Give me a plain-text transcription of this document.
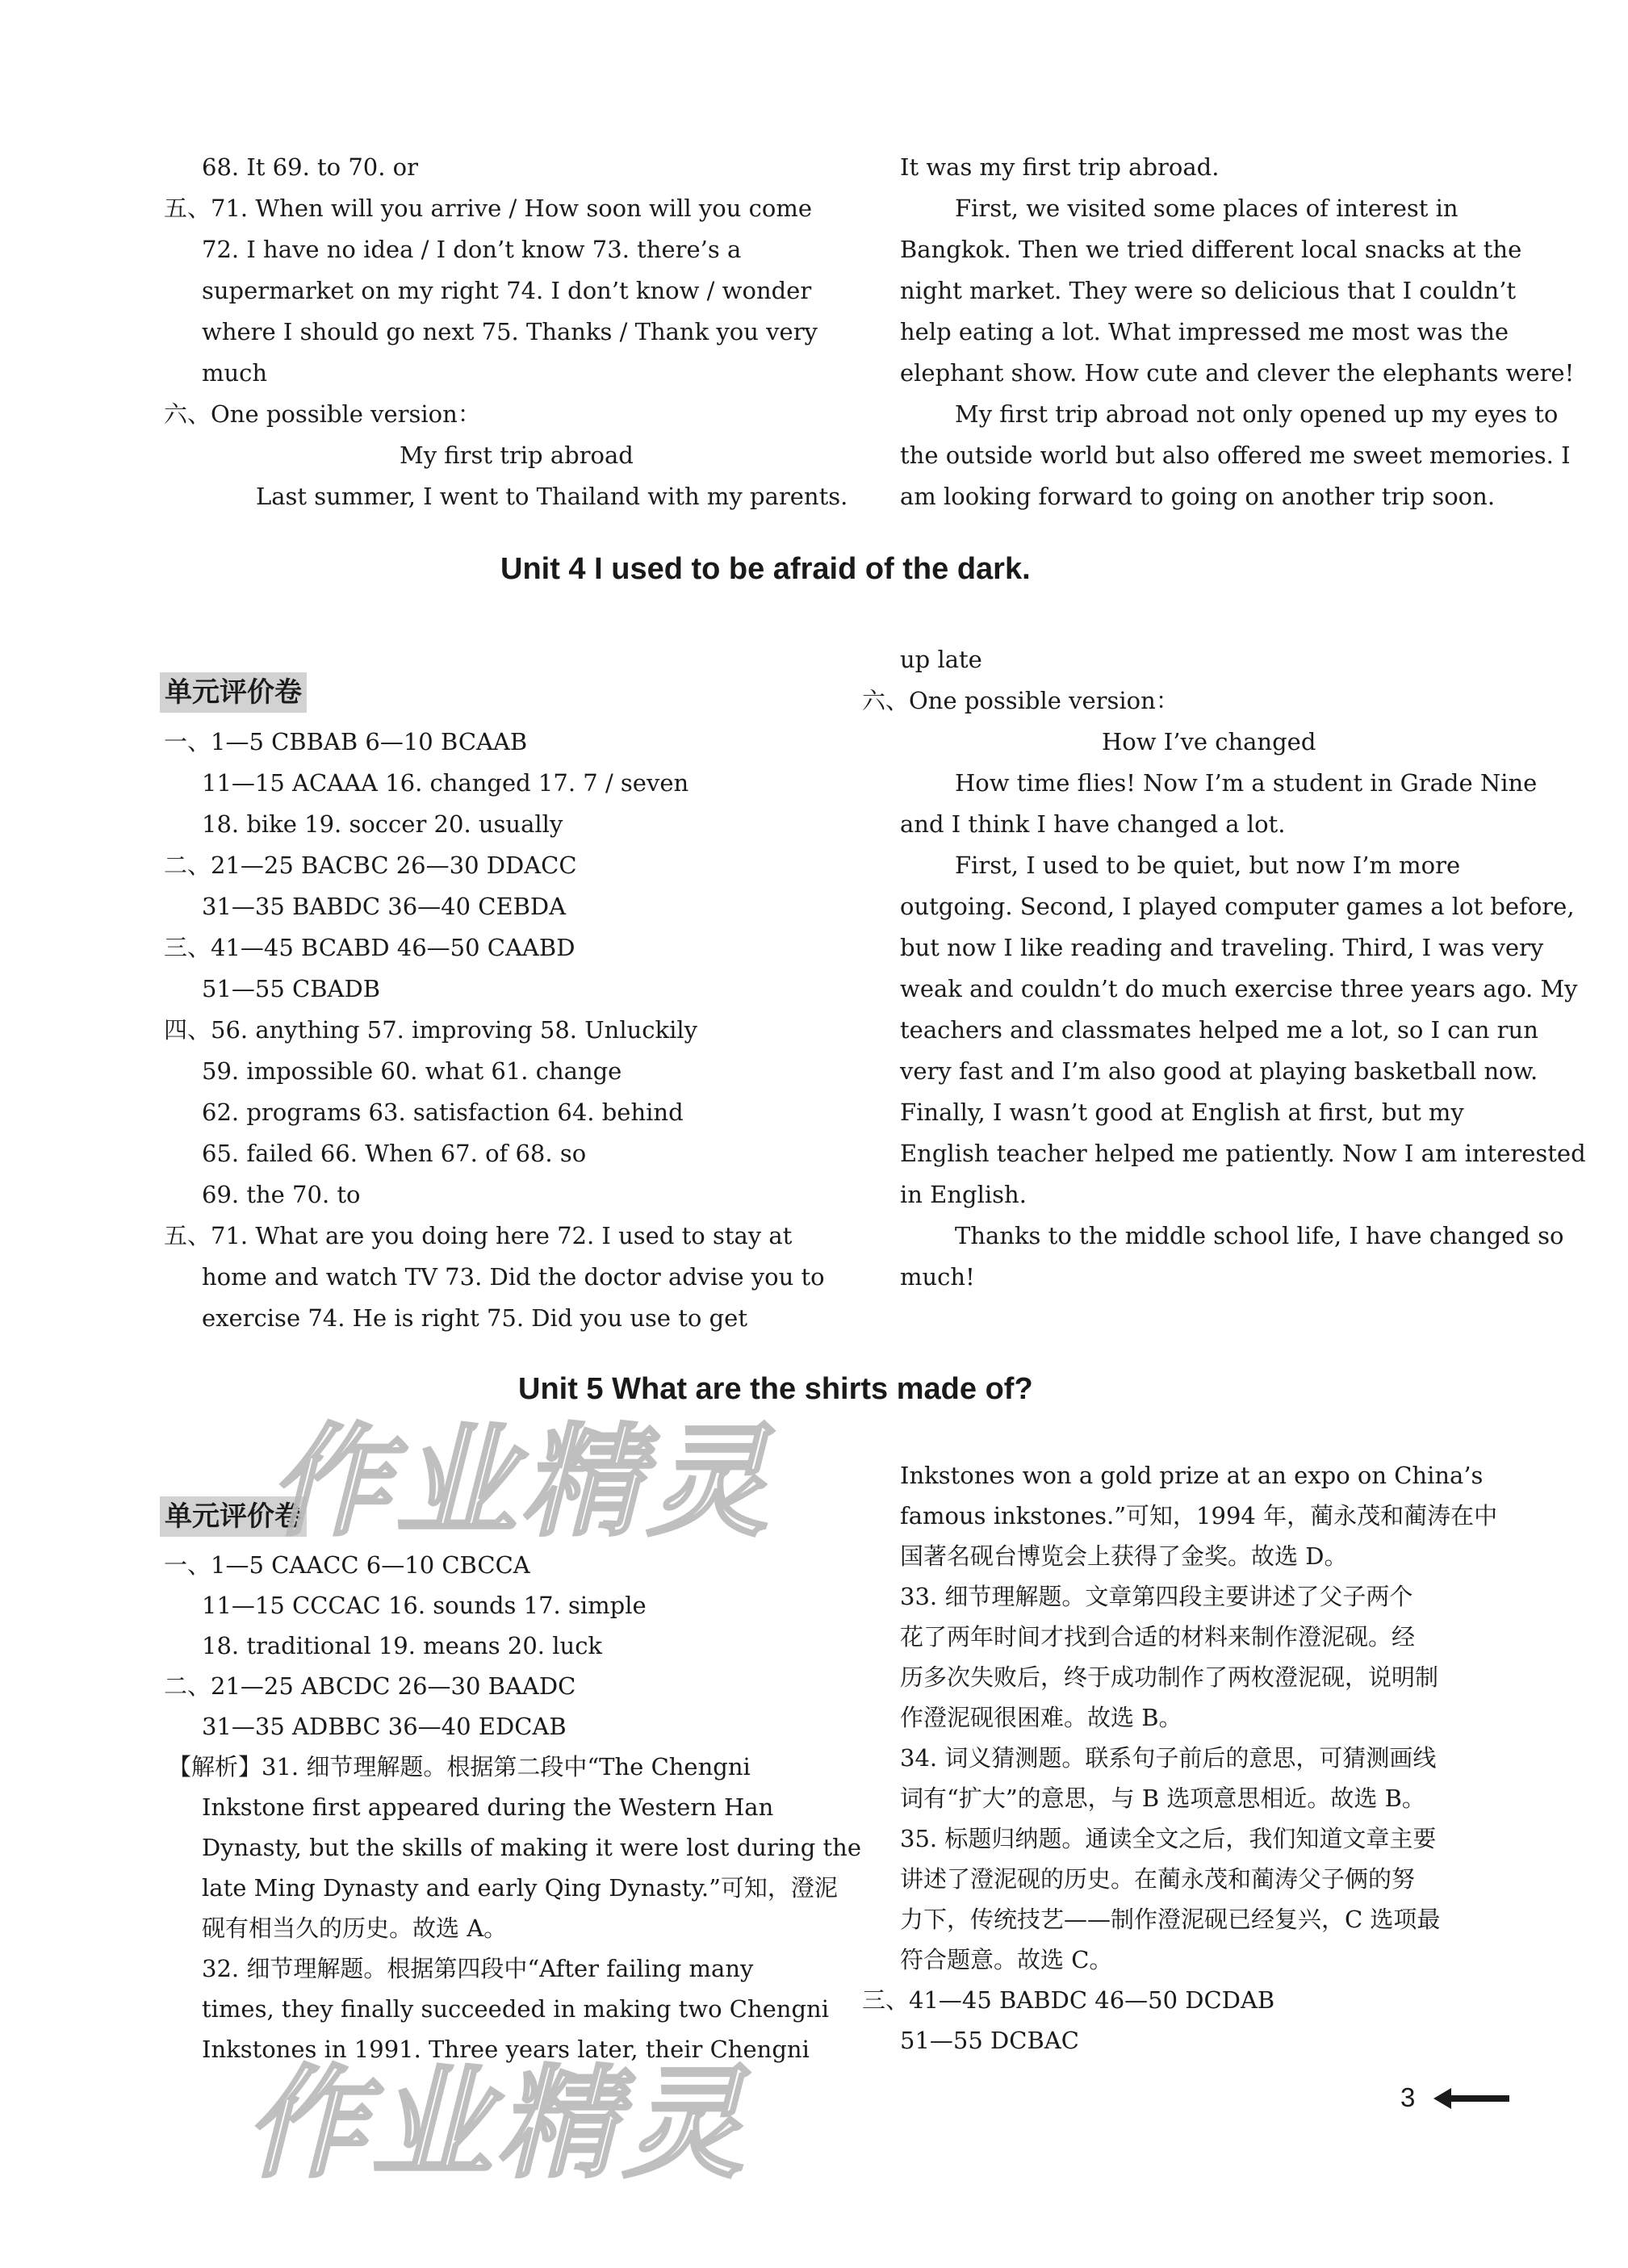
68. It 69. to 70. or
五、71. When will you arrive / How soon will you come
72. I have no idea / I don’t know 73. there’s a
supermarket on my right 74. I don’t know / wonder
where I should go next 75. Thanks / Thank you very
much
六、One possible version：
My first trip abroad
Last summer, I went to Thailand with my parents.
It was my first trip abroad.
First, we visited some places of interest in
Bangkok. Then we tried different local snacks at the
night market. They were so delicious that I couldn’t
help eating a lot. What impressed me most was the
elephant show. How cute and clever the elephants were!
My first trip abroad not only opened up my eyes to
the outside world but also offered me sweet memories. I
am looking forward to going on another trip soon.
Unit 4 I used to be afraid of the dark.
单元评价卷
一、1—5 CBBAB 6—10 BCAAB
11—15 ACAAA 16. changed 17. 7 / seven
18. bike 19. soccer 20. usually
二、21—25 BACBC 26—30 DDACC
31—35 BABDC 36—40 CEBDA
三、41—45 BCABD 46—50 CAABD
51—55 CBADB
四、56. anything 57. improving 58. Unluckily
59. impossible 60. what 61. change
62. programs 63. satisfaction 64. behind
65. failed 66. When 67. of 68. so
69. the 70. to
五、71. What are you doing here 72. I used to stay at
home and watch TV 73. Did the doctor advise you to
exercise 74. He is right 75. Did you use to get
up late
六、One possible version：
How I’ve changed
How time flies! Now I’m a student in Grade Nine
and I think I have changed a lot.
First, I used to be quiet, but now I’m more
outgoing. Second, I played computer games a lot before,
but now I like reading and traveling. Third, I was very
weak and couldn’t do much exercise three years ago. My
teachers and classmates helped me a lot, so I can run
very fast and I’m also good at playing basketball now.
Finally, I wasn’t good at English at first, but my
English teacher helped me patiently. Now I am interested
in English.
Thanks to the middle school life, I have changed so
much!
Unit 5 What are the shirts made of?
单元评价卷
一、1—5 CAACC 6—10 CBCCA
11—15 CCCAC 16. sounds 17. simple
18. traditional 19. means 20. luck
二、21—25 ABCDC 26—30 BAADC
31—35 ADBBC 36—40 EDCAB
【解析】31. 细节理解题。根据第二段中“The Chengni
Inkstone first appeared during the Western Han
Dynasty, but the skills of making it were lost during the
late Ming Dynasty and early Qing Dynasty.”可知，澄泥
砚有相当久的历史。故选 A。
32. 细节理解题。根据第四段中“After failing many
times, they finally succeeded in making two Chengni
Inkstones in 1991. Three years later, their Chengni
Inkstones won a gold prize at an expo on China’s
famous inkstones.”可知，1994 年，蔺永茂和蔺涛在中
国著名砚台博览会上获得了金奖。故选 D。
33. 细节理解题。文章第四段主要讲述了父子两个
花了两年时间才找到合适的材料来制作澄泥砚。经
历多次失败后，终于成功制作了两枚澄泥砚，说明制
作澄泥砚很困难。故选 B。
34. 词义猜测题。联系句子前后的意思，可猜测画线
词有“扩大”的意思，与 B 选项意思相近。故选 B。
35. 标题归纳题。通读全文之后，我们知道文章主要
讲述了澄泥砚的历史。在蔺永茂和蔺涛父子俩的努
力下，传统技艺——制作澄泥砚已经复兴，C 选项最
符合题意。故选 C。
三、41—45 BABDC 46—50 DCDAB
51—55 DCBAC
作业精灵
作业精灵	3
